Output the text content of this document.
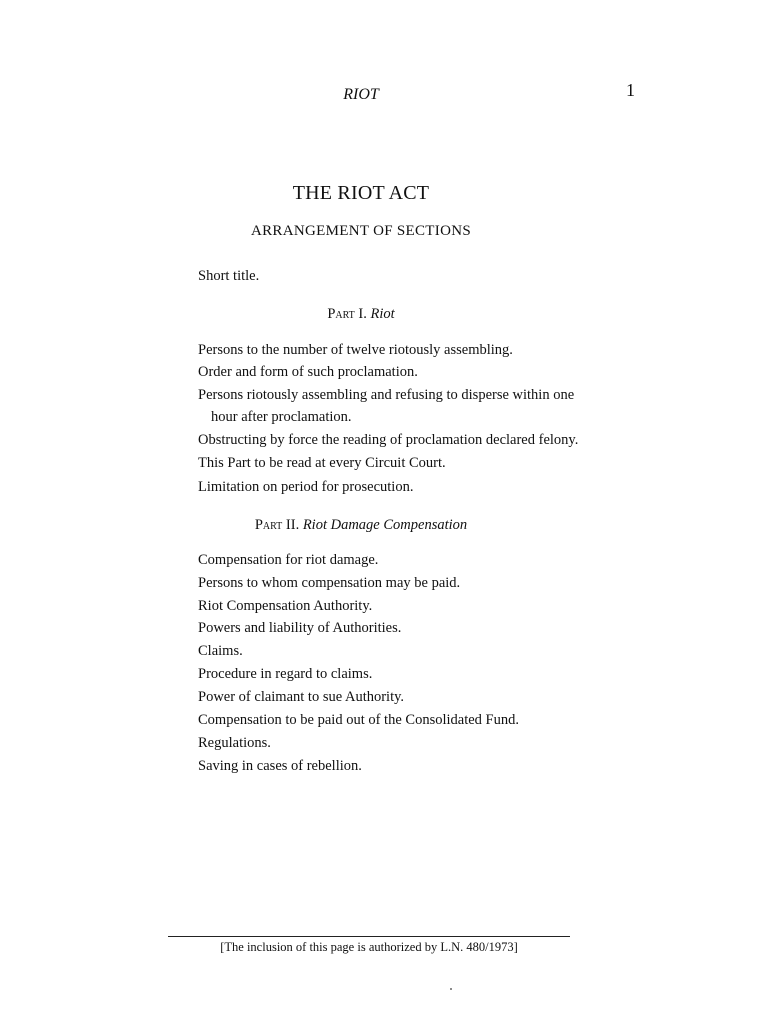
RIOT	1
THE RIOT ACT
ARRANGEMENT OF SECTIONS
Short title.
Part I. Riot
Persons to the number of twelve riotously assembling.
Order and form of such proclamation.
Persons riotously assembling and refusing to disperse within one
hour after proclamation.
Obstructing by force the reading of proclamation declared felony.
This Part to be read at every Circuit Court.
Limitation on period for prosecution.
Part II. Riot Damage Compensation
Compensation for riot damage.
Persons to whom compensation may be paid.
Riot Compensation Authority.
Powers and liability of Authorities.
Claims.
Procedure in regard to claims.
Power of claimant to sue Authority.
Compensation to be paid out of the Consolidated Fund.
Regulations.
Saving in cases of rebellion.
[The inclusion of this page is authorized by L.N. 480/1973]
